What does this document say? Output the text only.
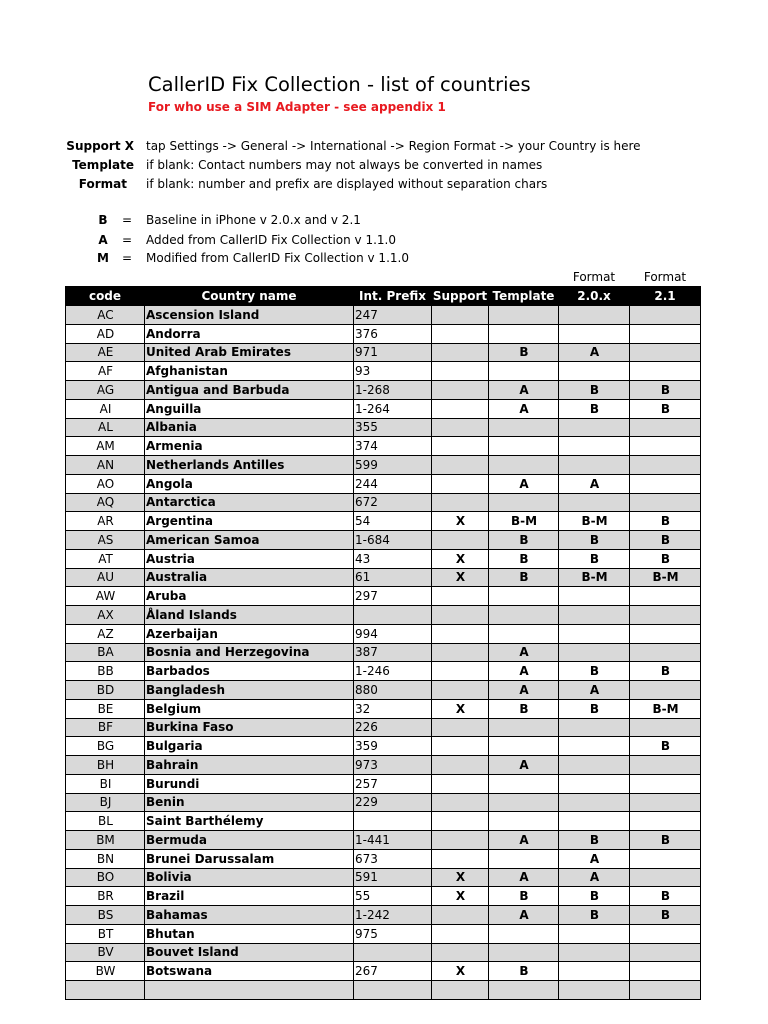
CallerID Fix Collection - list of countries
For who use a SIM Adapter - see appendix 1
Support X tap Settings -> General -> International -> Region Format -> your Country is here
Template if blank: Contact numbers may not always be converted in names
Format if blank: number and prefix are displayed without separation chars
B	= Baseline in iPhone v 2.0.x and v 2.1
A	= Added from CallerID Fix Collection v 1.1.0
M = Modified from CallerID Fix Collection v 1.1.0
Format	Format
code	Country name	Int. Prefix	Support	Template	2.0.x	2.1
AC	Ascension Island	247				
AD	Andorra	376				
AE	United Arab Emirates	971		B	A	
AF	Afghanistan	93				
AG	Antigua and Barbuda	1-268		A	B	B
AI	Anguilla	1-264		A	B	B
AL	Albania	355				
AM	Armenia	374				
AN	Netherlands Antilles	599				
AO	Angola	244		A	A	
AQ	Antarctica	672				
AR	Argentina	54	X	B-M	B-M	B
AS	American Samoa	1-684		B	B	B
AT	Austria	43	X	B	B	B
AU	Australia	61	X	B	B-M	B-M
AW	Aruba	297				
AX	Åland Islands					
AZ	Azerbaijan	994				
BA	Bosnia and Herzegovina	387		A		
BB	Barbados	1-246		A	B	B
BD	Bangladesh	880		A	A	
BE	Belgium	32	X	B	B	B-M
BF	Burkina Faso	226				
BG	Bulgaria	359				B
BH	Bahrain	973		A		
BI	Burundi	257				
BJ	Benin	229				
BL	Saint Barthélemy					
BM	Bermuda	1-441		A	B	B
BN	Brunei Darussalam	673			A	
BO	Bolivia	591	X	A	A	
BR	Brazil	55	X	B	B	B
BS	Bahamas	1-242		A	B	B
BT	Bhutan	975				
BV	Bouvet Island					
BW	Botswana	267	X	B		
